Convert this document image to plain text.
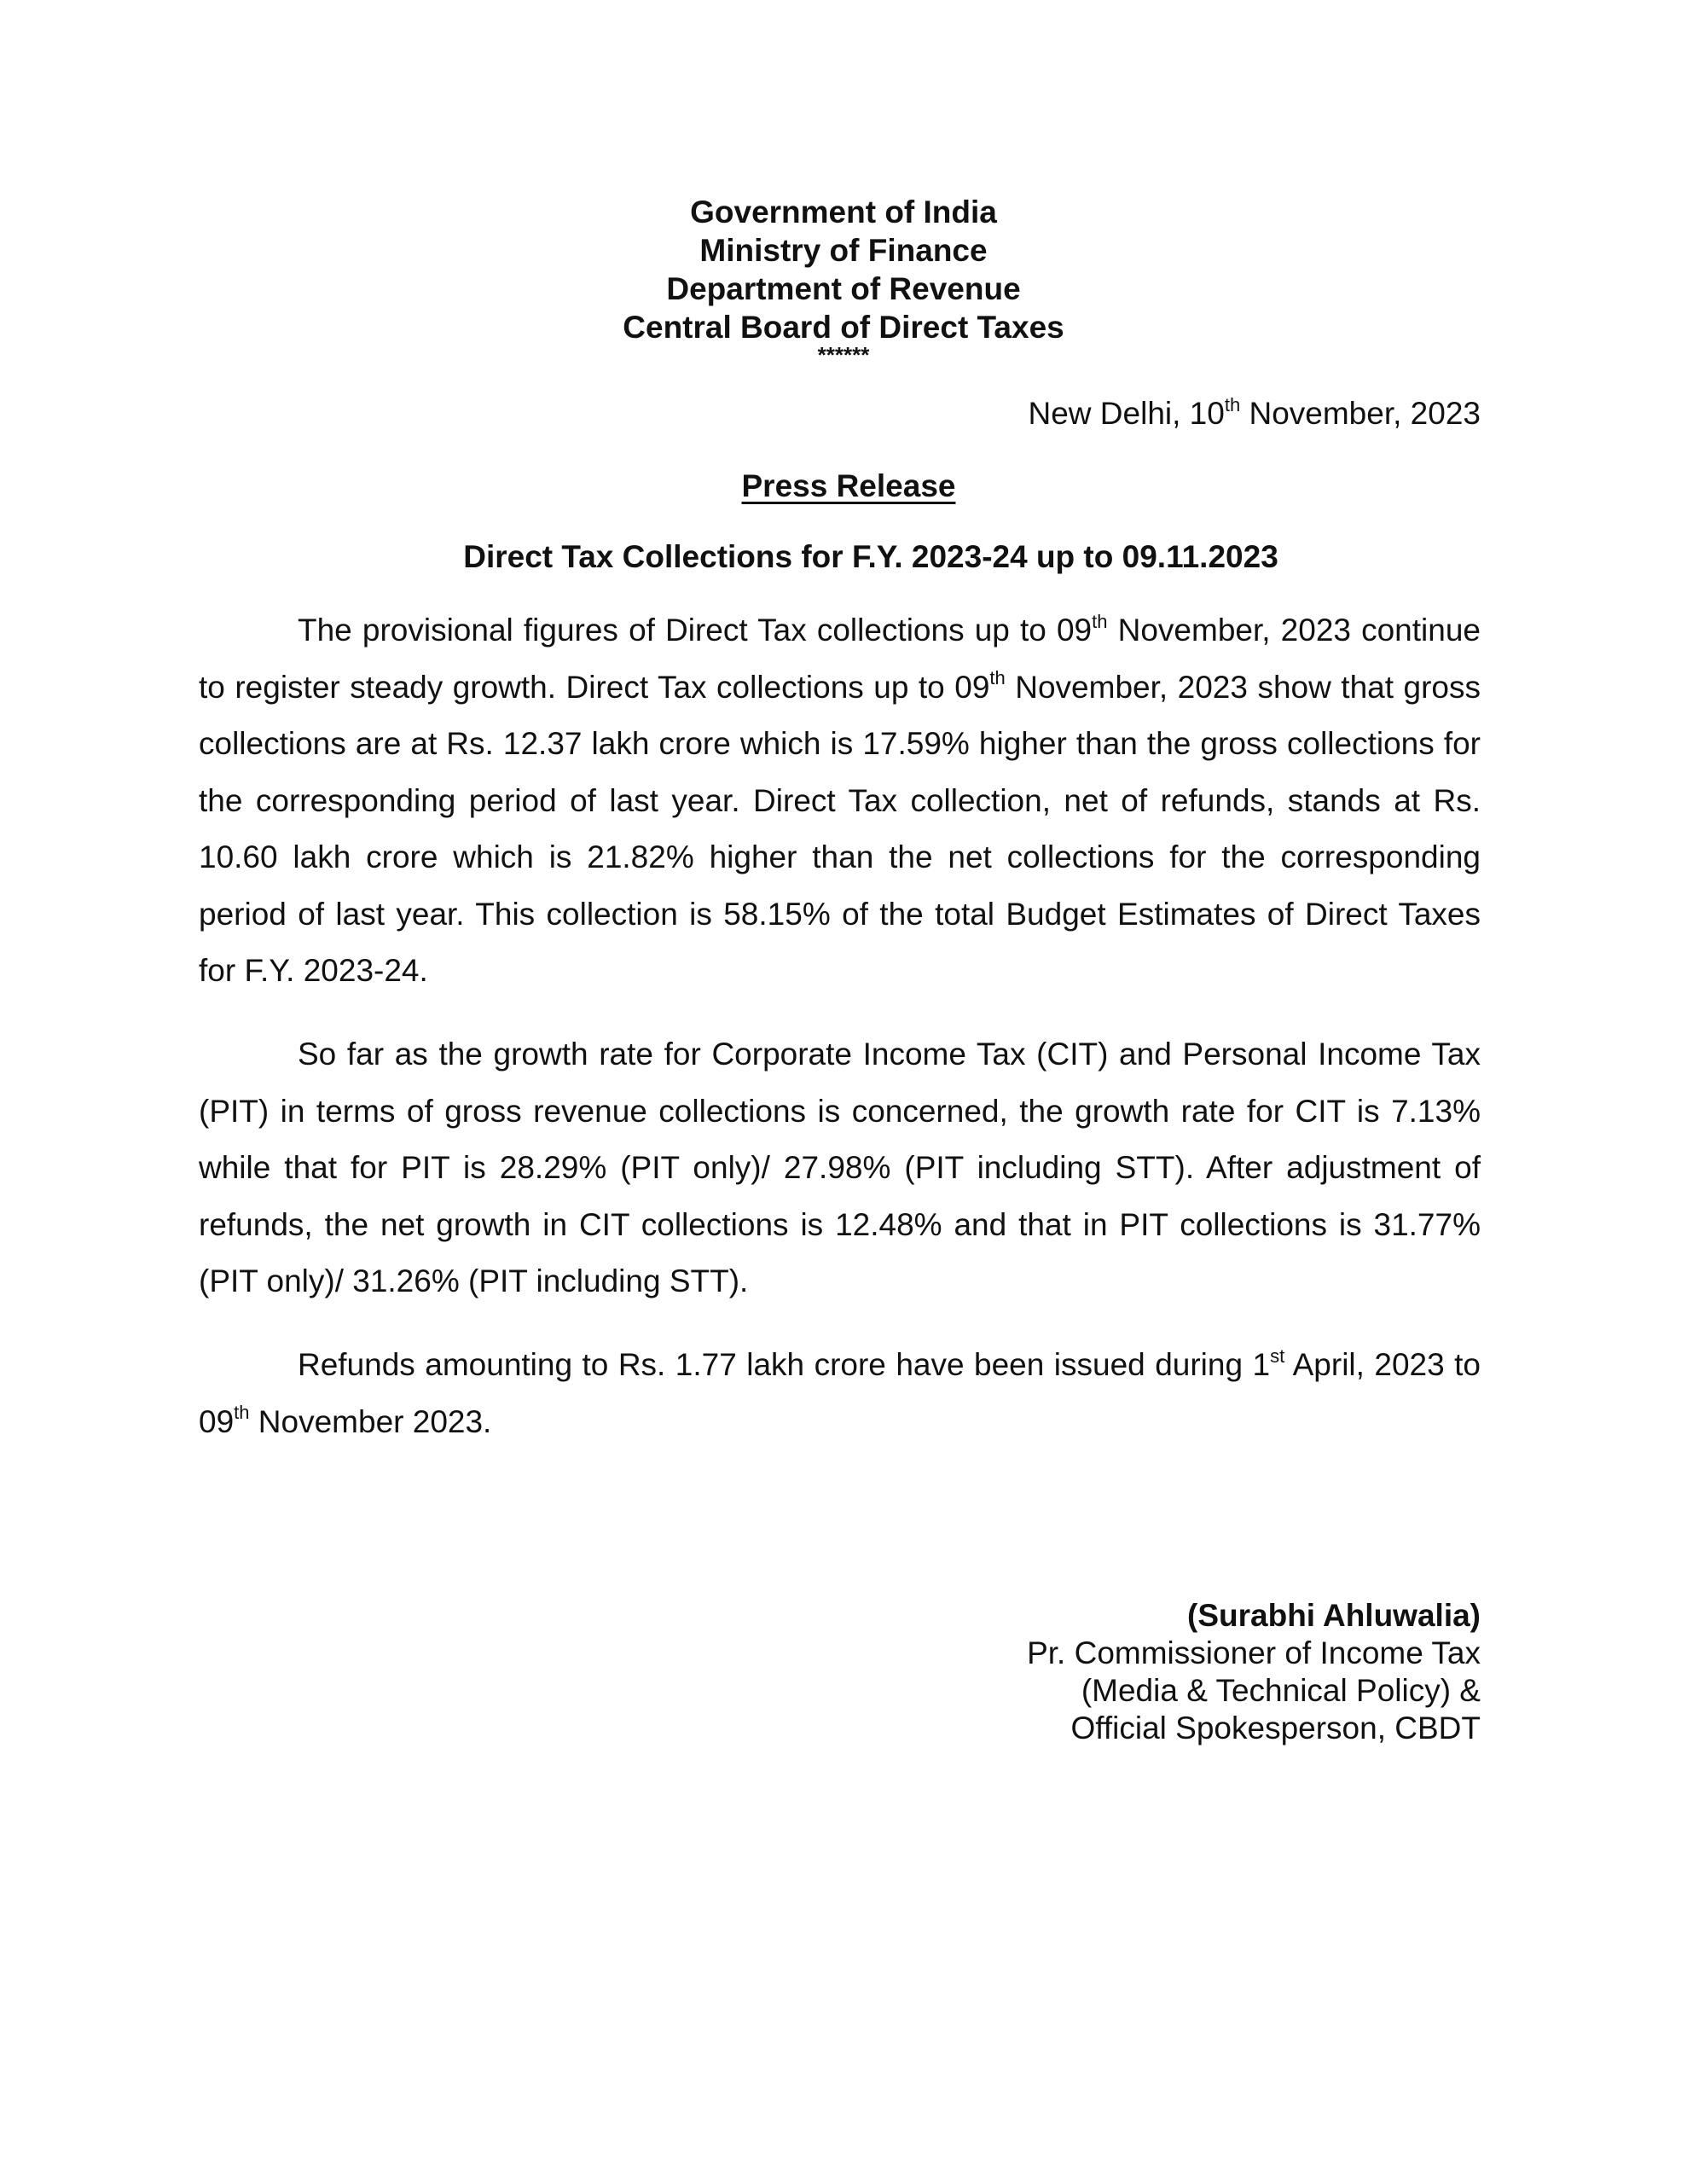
Government of India
Ministry of Finance
Department of Revenue
Central Board of Direct Taxes
******
New Delhi, 10th November, 2023
Press Release
Direct Tax Collections for F.Y. 2023-24 up to 09.11.2023

The provisional figures of Direct Tax collections up to 09th November, 2023 continue to register steady growth. Direct Tax collections up to 09th November, 2023 show that gross collections are at Rs. 12.37 lakh crore which is 17.59% higher than the gross collections for the corresponding period of last year. Direct Tax collection, net of refunds, stands at Rs. 10.60 lakh crore which is 21.82% higher than the net collections for the corresponding period of last year. This collection is 58.15% of the total Budget Estimates of Direct Taxes for F.Y. 2023-24.

So far as the growth rate for Corporate Income Tax (CIT) and Personal Income Tax (PIT) in terms of gross revenue collections is concerned, the growth rate for CIT is 7.13% while that for PIT is 28.29% (PIT only)/ 27.98% (PIT including STT). After adjustment of refunds, the net growth in CIT collections is 12.48% and that in PIT collections is 31.77% (PIT only)/ 31.26% (PIT including STT).

Refunds amounting to Rs. 1.77 lakh crore have been issued during 1st April, 2023 to 09th November 2023.

(Surabhi Ahluwalia)
Pr. Commissioner of Income Tax
(Media & Technical Policy) &
Official Spokesperson, CBDT
